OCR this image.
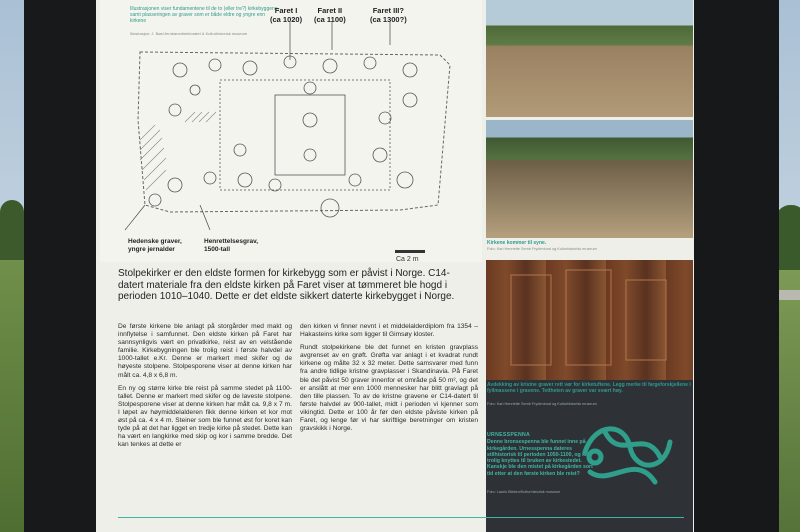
Illustrasjonen viser fundamentene til de to (eller tre?) kirkebyggene, samt plasseringen av graver som er både eldre og yngre enn kirkene
Illustrasjon: J. Bøe/Jernbanedirektoratet & Kulturhistorisk museum
Faret I
(ca 1020)
Faret II
(ca 1100)
Faret III?
(ca 1300?)
Hedenske graver,
yngre jernalder
Henrettelsesgrav,
1500-tall
Ca 2 m
Stolpekirker er den eldste formen for kirkebygg som er påvist i Norge. C14-datert materiale fra den eldste kirken på Faret viser at tømmeret ble hogd i perioden 1010–1040. Dette er det eldste sikkert daterte kirkebygget i Norge.

De første kirkene ble anlagt på storgårder med makt og innflytelse i samfunnet. Den eldste kirken på Faret har sannsynligvis vært en privatkirke, reist av en velstående familie. Kirkebygningen ble trolig reist i første halvdel av 1000-tallet e.Kr. Denne er markert med skifer og de høyeste stolpene. Stolpesporene viser at denne kirken har målt ca. 4,8 x 6,8 m.

En ny og større kirke ble reist på samme stedet på 1100-tallet. Denne er markert med skifer og de laveste stolpene. Stolpesporene viser at denne kirken har målt ca. 9,8 x 7 m. I løpet av høymiddelalderen fikk denne kirken et kor mot øst på ca. 4 x 4 m. Steiner som ble funnet øst for koret kan tyde på at det har ligget en tredje kirke på stedet. Dette kan ha vært en langkirke med skip og kor i samme bredde. Det kan tenkes at dette er

den kirken vi finner nevnt i et middelalderdiplom fra 1354 – Hakasteins kirke som ligger til Gimsøy kloster.

Rundt stolpekirkene ble det funnet en kristen gravplass avgrenset av en grøft. Grøfta var anlagt i et kvadrat rundt kirkene og målte 32 x 32 meter. Dette samsvarer med funn fra andre tidlige kristne gravplasser i Skandinavia. På Faret ble det påvist 50 graver innenfor et område på 50 m², og det er anslått at mer enn 1000 mennesker har blitt gravlagt på den tille plassen. To av de kristne gravene er C14-datert til første halvdel av 900-tallet, midt i perioden vi kjenner som vikingtid. Dette er 100 år før den eldste påviste kirken på Faret, og lenge før vi har skriftlige beretninger om kristen gravskikk i Norge.

Kirkene kommer til syne.
Foto: Kari Henriette Semb Frydenlund og Kulturhistorisk museum
Avdekking av kristne graver rett vør for kirketuftene. Legg merke til fargeforskjellene i fyllmassene i gravene. Tettheten av graver var svært høy.
Foto: Kari Henriette Semb Frydenlund og Kulturhistorisk museum
URNESSPENNA
Denne bronsespenna ble funnet inne på kirkegården. Urnesspenna dateres stilhistorisk til perioden 1050-1100, og kan trolig knyttes til bruken av kirkestedet. Kanskje ble den mistet på kirkegården sort tid etter at den første kirken ble reist?
Foto: Lauris Bleken/Kulturhistorisk museum
